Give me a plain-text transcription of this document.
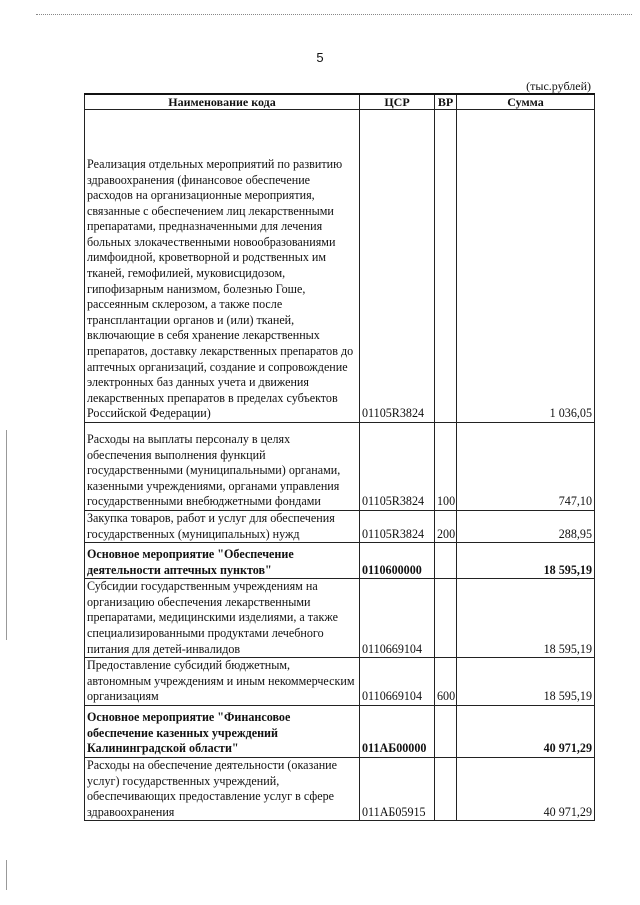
5
(тыс.рублей)
Наименование кода	ЦСР	ВР	Сумма
Реализация отдельных мероприятий по развитию здравоохранения (финансовое обеспечение расходов на организационные мероприятия, связанные с обеспечением лиц лекарственными препаратами, предназначенными для лечения больных злокачественными новообразованиями лимфоидной, кроветворной и родственных им тканей, гемофилией, муковисцидозом, гипофизарным нанизмом, болезнью Гоше, рассеянным склерозом, а также после трансплантации органов и (или) тканей, включающие в себя хранение лекарственных препаратов, доставку лекарственных препаратов до аптечных организаций, создание и сопровождение электронных баз данных учета и движения лекарственных препаратов в пределах субъектов Российской Федерации)	01105R3824		1 036,05
Расходы на выплаты персоналу в целях обеспечения выполнения функций государственными (муниципальными) органами, казенными учреждениями, органами управления государственными внебюджетными фондами	01105R3824	100	747,10
Закупка товаров, работ и услуг для обеспечения государственных (муниципальных) нужд	01105R3824	200	288,95
Основное мероприятие "Обеспечение деятельности аптечных пунктов"	0110600000		18 595,19
Субсидии государственным учреждениям на организацию обеспечения лекарственными препаратами, медицинскими изделиями, а также специализированными продуктами лечебного питания для детей-инвалидов	0110669104		18 595,19
Предоставление субсидий бюджетным, автономным учреждениям и иным некоммерческим организациям	0110669104	600	18 595,19
Основное мероприятие "Финансовое обеспечение казенных учреждений Калининградской области"	011АБ00000		40 971,29
Расходы на обеспечение деятельности (оказание услуг) государственных учреждений, обеспечивающих предоставление услуг в сфере здравоохранения	011АБ05915		40 971,29
